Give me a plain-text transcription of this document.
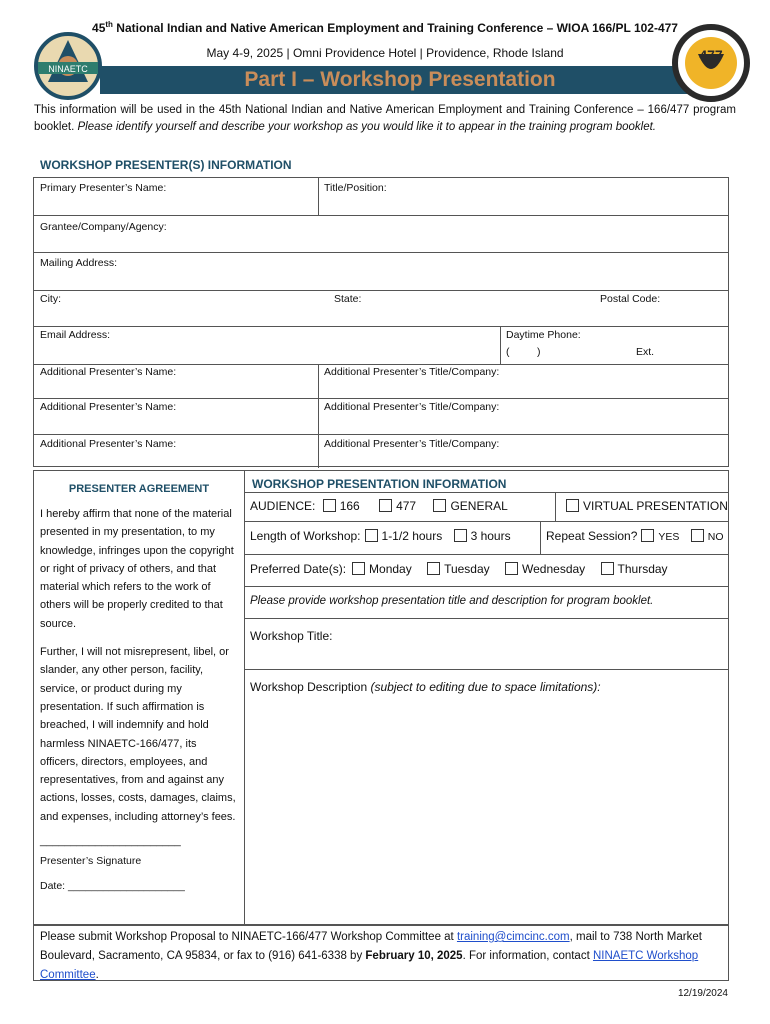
45th National Indian and Native American Employment and Training Conference – WIOA 166/PL 102-477
May 4-9, 2025 | Omni Providence Hotel | Providence, Rhode Island
NINAETC	Part I – Workshop Presentation
477
This information will be used in the 45th National Indian and Native American Employment and Training Conference – 166/477 program booklet. Please identify yourself and describe your workshop as you would like it to appear in the training program booklet.
WORKSHOP PRESENTER(S) INFORMATION
Primary Presenter’s Name:	Title/Position:
Grantee/Company/Agency:
Mailing Address:
City:	State:	Postal Code:
Email Address:	Daytime Phone:
(	)	Ext.
Additional Presenter’s Name:	Additional Presenter’s Title/Company:
Additional Presenter’s Name:	Additional Presenter’s Title/Company:
Additional Presenter’s Name:	Additional Presenter’s Title/Company:
PRESENTER AGREEMENT
I hereby affirm that none of the material presented in my presentation, to my knowledge, infringes upon the copyright or right of privacy of others, and that material which refers to the work of others will be properly credited to that source.
Further, I will not misrepresent, libel, or slander, any other person, facility, service, or product during my presentation. If such affirmation is breached, I will indemnify and hold harmless NINAETC-166/477, its officers, directors, employees, and representatives, from and against any actions, losses, costs, damages, claims, and expenses, including attorney’s fees.
_______________________
Presenter’s Signature
Date: ____________________
WORKSHOP PRESENTATION INFORMATION
AUDIENCE: 166	477	GENERAL	VIRTUAL PRESENTATION
Length of Workshop: 1-1/2 hours 3 hours	Repeat Session? YES	NO
Preferred Date(s): Monday	Tuesday	Wednesday	Thursday
Please provide workshop presentation title and description for program booklet.
Workshop Title:
Workshop Description (subject to editing due to space limitations):
Please submit Workshop Proposal to NINAETC-166/477 Workshop Committee at training@cimcinc.com, mail to 738 North Market Boulevard, Sacramento, CA 95834, or fax to (916) 641-6338 by February 10, 2025. For information, contact NINAETC Workshop Committee.
12/19/2024
